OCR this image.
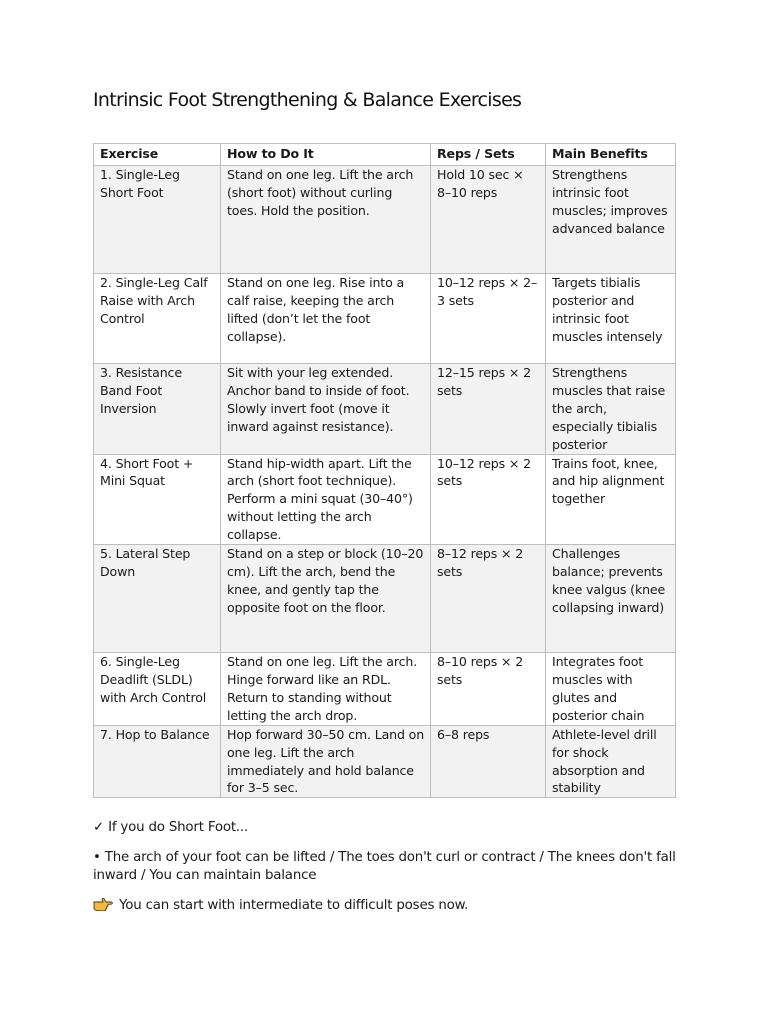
Intrinsic Foot Strengthening & Balance Exercises
Exercise	How to Do It	Reps / Sets	Main Benefits
1. Single-Leg Short Foot	Stand on one leg. Lift the arch (short foot) without curling toes. Hold the position.	Hold 10 sec × 8–10 reps	Strengthens intrinsic foot muscles; improves advanced balance
2. Single-Leg Calf Raise with Arch Control	Stand on one leg. Rise into a calf raise, keeping the arch lifted (don’t let the foot collapse).	10–12 reps × 2–3 sets	Targets tibialis posterior and intrinsic foot muscles intensely
3. Resistance Band Foot Inversion	Sit with your leg extended. Anchor band to inside of foot. Slowly invert foot (move it inward against resistance).	12–15 reps × 2 sets	Strengthens muscles that raise the arch, especially tibialis posterior
4. Short Foot + Mini Squat	Stand hip-width apart. Lift the arch (short foot technique). Perform a mini squat (30–40°) without letting the arch collapse.	10–12 reps × 2 sets	Trains foot, knee, and hip alignment together
5. Lateral Step Down	Stand on a step or block (10–20 cm). Lift the arch, bend the knee, and gently tap the opposite foot on the floor.	8–12 reps × 2 sets	Challenges balance; prevents knee valgus (knee collapsing inward)
6. Single-Leg Deadlift (SLDL) with Arch Control	Stand on one leg. Lift the arch. Hinge forward like an RDL. Return to standing without letting the arch drop.	8–10 reps × 2 sets	Integrates foot muscles with glutes and posterior chain
7. Hop to Balance	Hop forward 30–50 cm. Land on one leg. Lift the arch immediately and hold balance for 3–5 sec.	6–8 reps	Athlete-level drill for shock absorption and stability

✓ If you do Short Foot...

• The arch of your foot can be lifted / The toes don't curl or contract / The knees don't fall inward / You can maintain balance

You can start with intermediate to difficult poses now.
